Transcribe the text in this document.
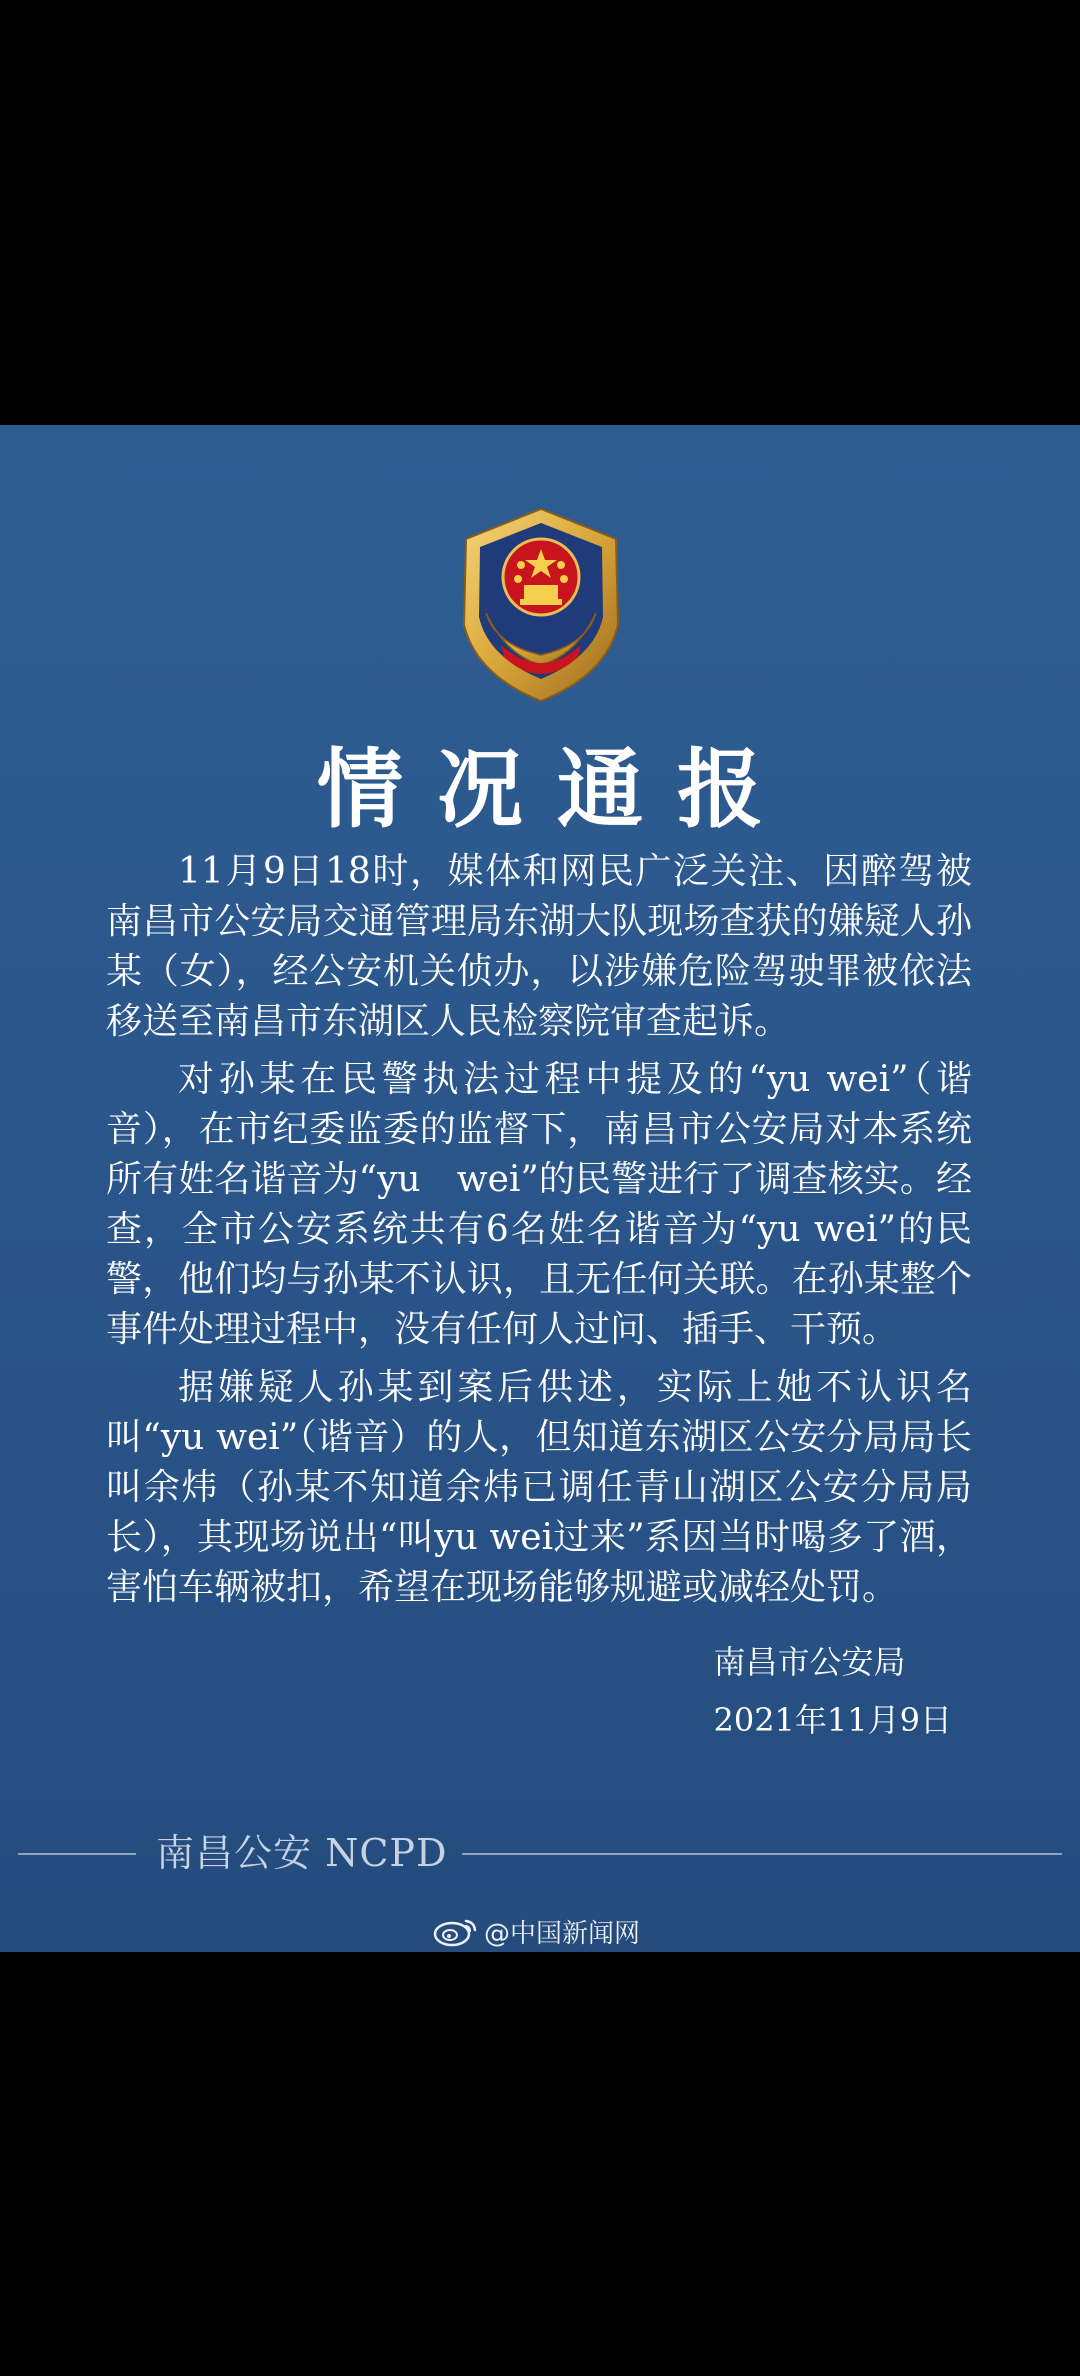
情况通报

11月9日18时，媒体和网民广泛关注、因醉驾被南昌市公安局交通管理局东湖大队现场查获的嫌疑人孙某（女），经公安机关侦办，以涉嫌危险驾驶罪被依法移送至南昌市东湖区人民检察院审查起诉。

对孙某在民警执法过程中提及的“yu wei”（谐音），在市纪委监委的监督下，南昌市公安局对本系统所有姓名谐音为“yu　wei”的民警进行了调查核实。经查，全市公安系统共有6名姓名谐音为“yu wei”的民警，他们均与孙某不认识，且无任何关联。在孙某整个事件处理过程中，没有任何人过问、插手、干预。

据嫌疑人孙某到案后供述，实际上她不认识名叫“yu wei”（谐音）的人，但知道东湖区公安分局局长叫余炜（孙某不知道余炜已调任青山湖区公安分局局长），其现场说出“叫yu wei过来”系因当时喝多了酒，害怕车辆被扣，希望在现场能够规避或减轻处罚。

南昌市公安局
2021年11月9日
南昌公安 NCPD
@中国新闻网
